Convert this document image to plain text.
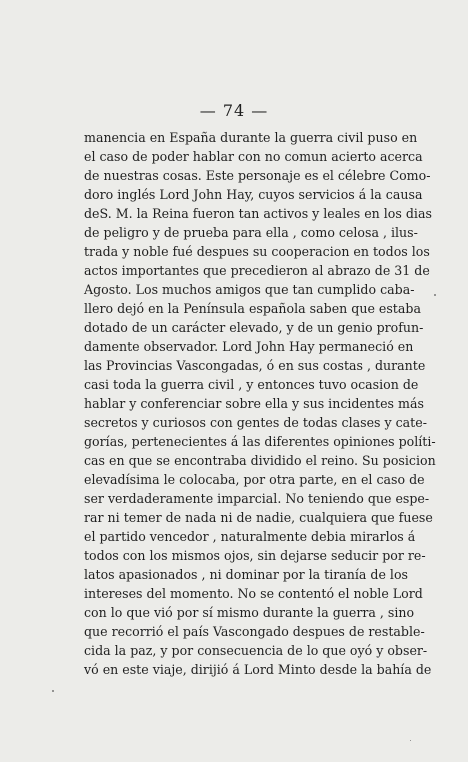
— 74 —
manencia en España durante la guerra civil puso en
el caso de poder hablar con no comun acierto acerca
de nuestras cosas. Este personaje es el célebre Como-
doro inglés Lord John Hay, cuyos servicios á la causa
deS. M. la Reina fueron tan activos y leales en los dias
de peligro y de prueba para ella , como celosa , ilus-
trada y noble fué despues su cooperacion en todos los
actos importantes que precedieron al abrazo de 31 de
Agosto. Los muchos amigos que tan cumplido caba-
llero dejó en la Península española saben que estaba
dotado de un carácter elevado, y de un genio profun-
damente observador. Lord John Hay permaneció en
las Provincias Vascongadas, ó en sus costas , durante
casi toda la guerra civil , y entonces tuvo ocasion de
hablar y conferenciar sobre ella y sus incidentes más
secretos y curiosos con gentes de todas clases y cate-
gorías, pertenecientes á las diferentes opiniones políti-
cas en que se encontraba dividido el reino. Su posicion
elevadísima le colocaba, por otra parte, en el caso de
ser verdaderamente imparcial. No teniendo que espe-
rar ni temer de nada ni de nadie, cualquiera que fuese
el partido vencedor , naturalmente debia mirarlos á
todos con los mismos ojos, sin dejarse seducir por re-
latos apasionados , ni dominar por la tiranía de los
intereses del momento. No se contentó el noble Lord
con lo que vió por sí mismo durante la guerra , sino
que recorrió el país Vascongado despues de restable-
cida la paz, y por consecuencia de lo que oyó y obser-
vó en este viaje, dirijió á Lord Minto desde la bahía de
